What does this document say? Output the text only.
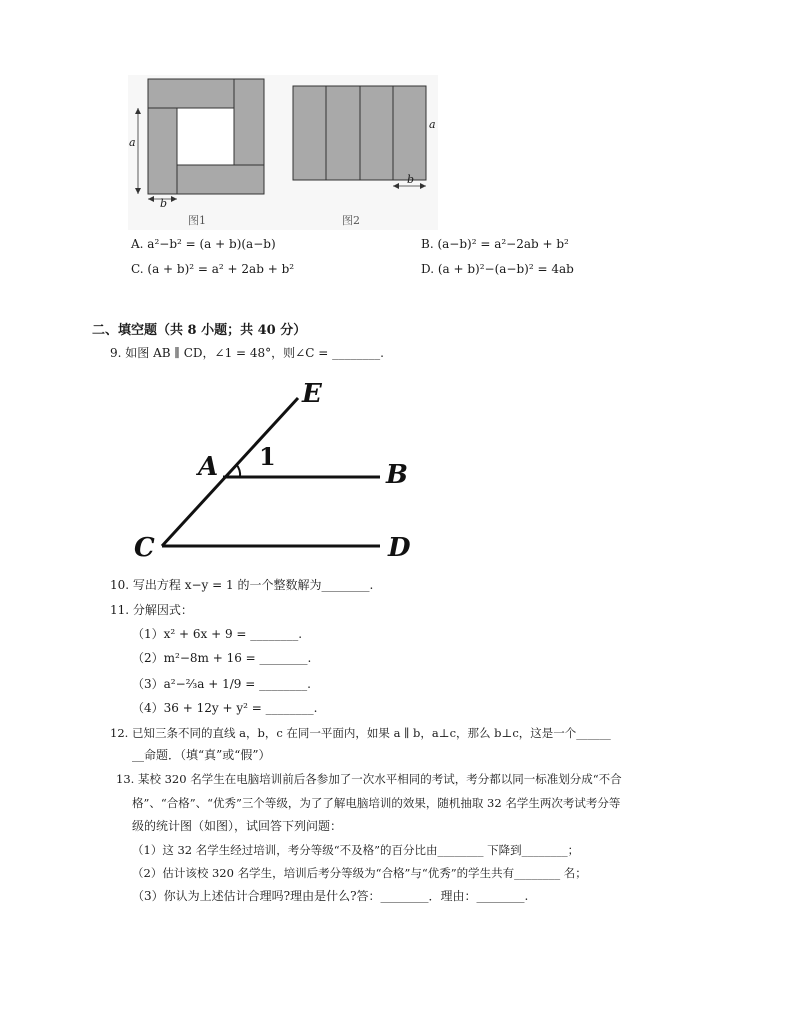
a
b
图1
a
b
图2
A. a²−b² = (a + b)(a−b)	B. (a−b)² = a²−2ab + b²
C. (a + b)² = a² + 2ab + b²	D. (a + b)²−(a−b)² = 4ab
二、填空题（共 8 小题；共 40 分）
9. 如图 AB ∥ CD，∠1 = 48°，则∠C = ________.
E
A 1
B
C	D
10. 写出方程 x−y = 1 的一个整数解为________.
11. 分解因式：
（1）x² + 6x + 9 = ________.
（2）m²−8m + 16 = ________.
（3）a²−⅔a + 1/9 = ________.
（4）36 + 12y + y² = ________.
12. 已知三条不同的直线 a，b，c 在同一平面内，如果 a ∥ b，a⊥c，那么 b⊥c，这是一个______
__命题．（填“真”或“假”）
13. 某校 320 名学生在电脑培训前后各参加了一次水平相同的考试，考分都以同一标准划分成“不合
格”、“合格”、“优秀”三个等级，为了了解电脑培训的效果，随机抽取 32 名学生两次考试考分等
级的统计图（如图），试回答下列问题：
（1）这 32 名学生经过培训，考分等级“不及格”的百分比由________ 下降到________；
（2）估计该校 320 名学生，培训后考分等级为“合格”与“优秀”的学生共有________ 名；
（3）你认为上述估计合理吗?理由是什么?答：________．理由：________.
